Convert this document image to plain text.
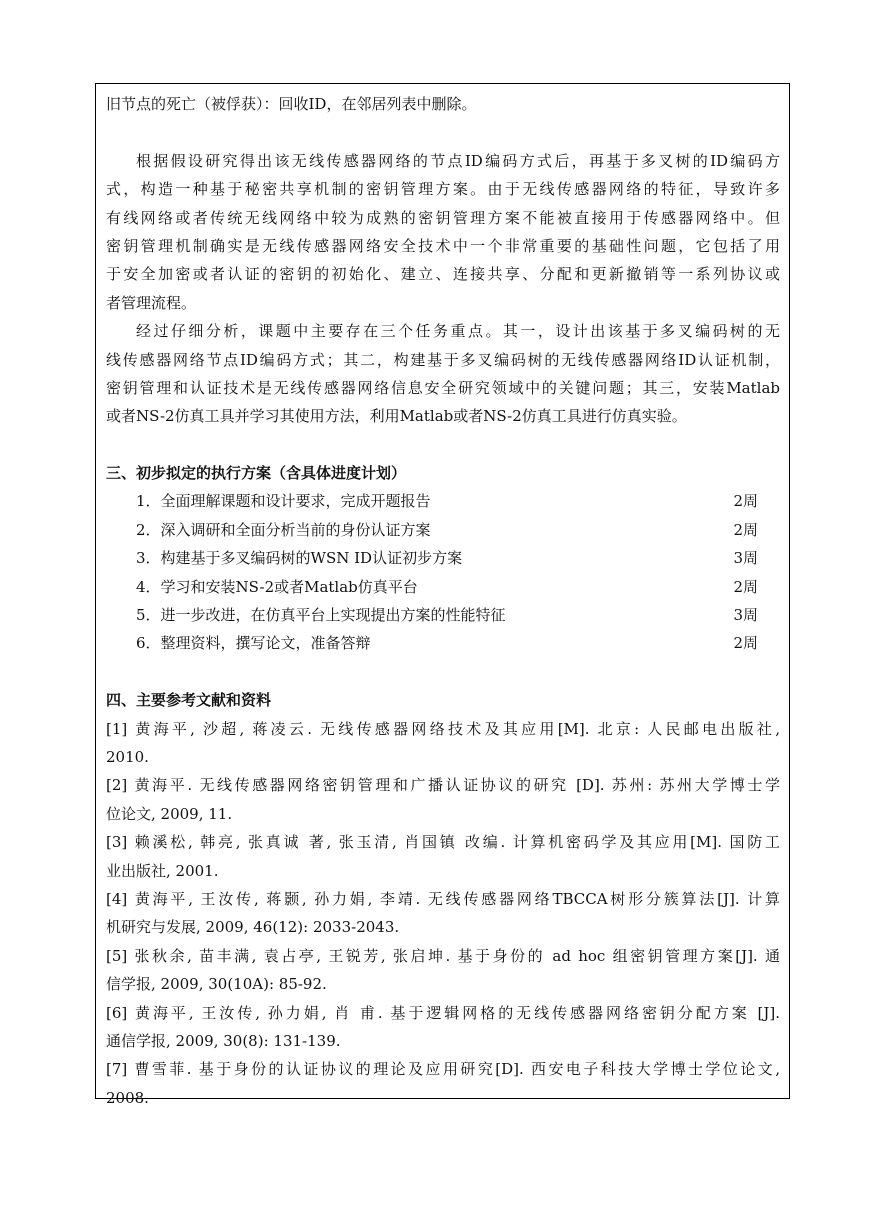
旧节点的死亡（被俘获）：回收ID，在邻居列表中删除。
根据假设研究得出该无线传感器网络的节点ID编码方式后，再基于多叉树的ID编码方
式，构造一种基于秘密共享机制的密钥管理方案。由于无线传感器网络的特征，导致许多
有线网络或者传统无线网络中较为成熟的密钥管理方案不能被直接用于传感器网络中。但
密钥管理机制确实是无线传感器网络安全技术中一个非常重要的基础性问题，它包括了用
于安全加密或者认证的密钥的初始化、建立、连接共享、分配和更新撤销等一系列协议或
者管理流程。
经过仔细分析，课题中主要存在三个任务重点。其一，设计出该基于多叉编码树的无
线传感器网络节点ID编码方式；其二，构建基于多叉编码树的无线传感器网络ID认证机制，
密钥管理和认证技术是无线传感器网络信息安全研究领域中的关键问题；其三，安装Matlab
或者NS-2仿真工具并学习其使用方法，利用Matlab或者NS-2仿真工具进行仿真实验。
三、初步拟定的执行方案（含具体进度计划）
1．全面理解课题和设计要求，完成开题报告	2周
2．深入调研和全面分析当前的身份认证方案	2周
3．构建基于多叉编码树的WSN ID认证初步方案	3周
4．学习和安装NS-2或者Matlab仿真平台	2周
5．进一步改进，在仿真平台上实现提出方案的性能特征	3周
6．整理资料，撰写论文，准备答辩	2周
四、主要参考文献和资料
[1] 黄海平, 沙超, 蒋凌云. 无线传感器网络技术及其应用[M]. 北京: 人民邮电出版社,
2010.
[2] 黄海平. 无线传感器网络密钥管理和广播认证协议的研究 [D]. 苏州: 苏州大学博士学
位论文, 2009, 11.
[3] 赖溪松, 韩亮, 张真诚 著, 张玉清, 肖国镇 改编. 计算机密码学及其应用[M]. 国防工
业出版社, 2001.
[4] 黄海平, 王汝传, 蒋颢, 孙力娟, 李靖. 无线传感器网络TBCCA树形分簇算法[J]. 计算
机研究与发展, 2009, 46(12): 2033-2043.
[5] 张秋余, 苗丰满, 袁占亭, 王锐芳, 张启坤. 基于身份的 ad hoc 组密钥管理方案[J]. 通
信学报, 2009, 30(10A): 85-92.
[6] 黄海平, 王汝传, 孙力娟, 肖 甫. 基于逻辑网格的无线传感器网络密钥分配方案 [J].
通信学报, 2009, 30(8): 131-139.
[7] 曹雪菲. 基于身份的认证协议的理论及应用研究[D]. 西安电子科技大学博士学位论文,
2008.
